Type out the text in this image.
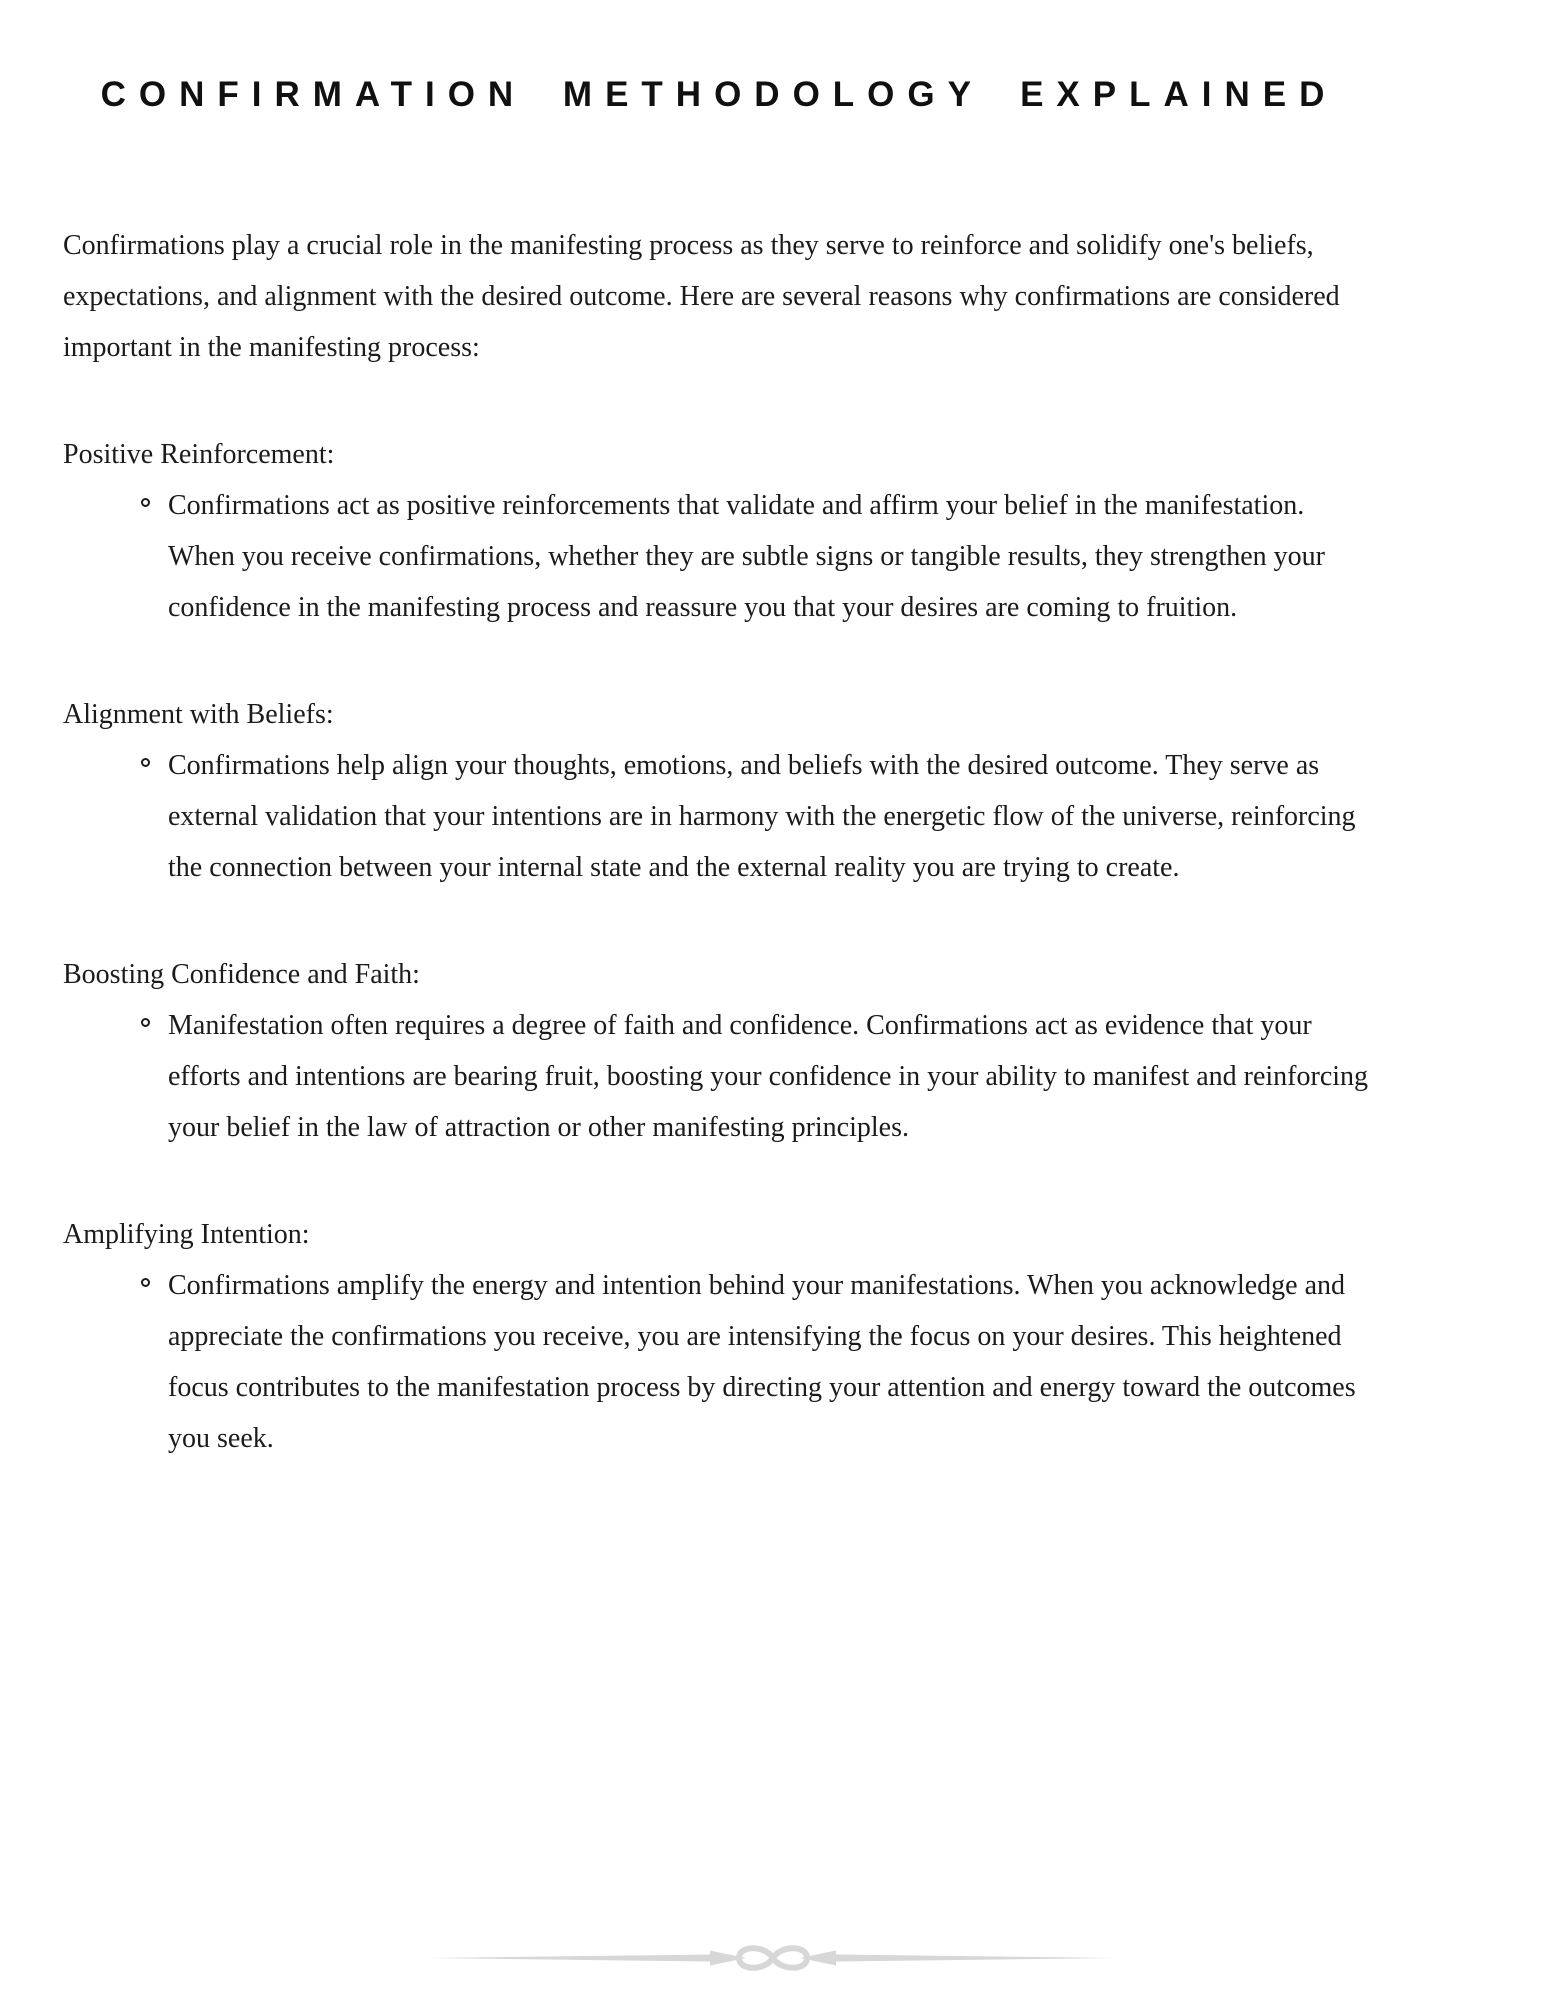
CONFIRMATION METHODOLOGY EXPLAINED

Confirmations play a crucial role in the manifesting process as they serve to reinforce and solidify one's beliefs, expectations, and alignment with the desired outcome. Here are several reasons why confirmations are considered important in the manifesting process:

Positive Reinforcement:
Confirmations act as positive reinforcements that validate and affirm your belief in the manifestation. When you receive confirmations, whether they are subtle signs or tangible results, they strengthen your confidence in the manifesting process and reassure you that your desires are coming to fruition.
Alignment with Beliefs:
Confirmations help align your thoughts, emotions, and beliefs with the desired outcome. They serve as external validation that your intentions are in harmony with the energetic flow of the universe, reinforcing the connection between your internal state and the external reality you are trying to create.
Boosting Confidence and Faith:
Manifestation often requires a degree of faith and confidence. Confirmations act as evidence that your efforts and intentions are bearing fruit, boosting your confidence in your ability to manifest and reinforcing your belief in the law of attraction or other manifesting principles.
Amplifying Intention:
Confirmations amplify the energy and intention behind your manifestations. When you acknowledge and appreciate the confirmations you receive, you are intensifying the focus on your desires. This heightened focus contributes to the manifestation process by directing your attention and energy toward the outcomes you seek.
